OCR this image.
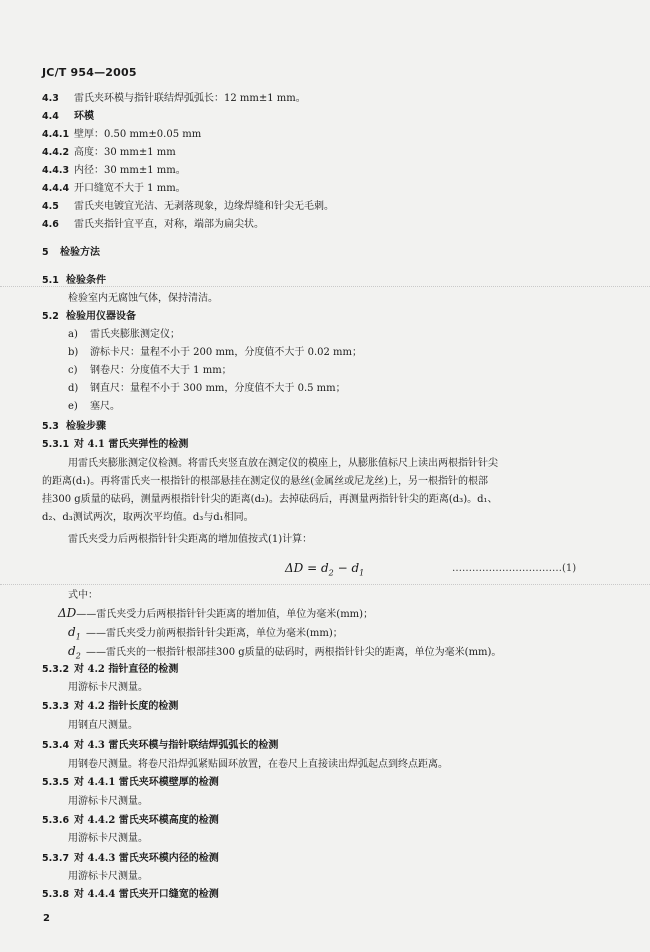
JC/T 954—2005
4.3 雷氏夹环模与指针联结焊弧弧长：12 mm±1 mm。
4.4 环模
4.4.1 壁厚：0.50 mm±0.05 mm
4.4.2 高度：30 mm±1 mm
4.4.3 内径：30 mm±1 mm。
4.4.4 开口缝宽不大于 1 mm。
4.5 雷氏夹电镀宜光洁、无剥落现象，边缘焊缝和针尖无毛刺。
4.6 雷氏夹指针宜平直，对称，端部为扁尖状。
5 检验方法
5.1 检验条件
检验室内无腐蚀气体，保持清洁。
5.2 检验用仪器设备
a) 雷氏夹膨胀测定仪；
b) 游标卡尺：量程不小于 200 mm，分度值不大于 0.02 mm；
c) 钢卷尺：分度值不大于 1 mm；
d) 钢直尺：量程不小于 300 mm，分度值不大于 0.5 mm；
e) 塞尺。
5.3 检验步骤
5.3.1 对 4.1 雷氏夹弹性的检测
用雷氏夹膨胀测定仪检测。将雷氏夹竖直放在测定仪的模座上，从膨胀值标尺上读出两根指针针尖
的距离(d₁)。再将雷氏夹一根指针的根部悬挂在测定仪的悬丝(金属丝或尼龙丝)上，另一根指针的根部
挂300 g质量的砝码，测量两根指针针尖的距离(d₂)。去掉砝码后，再测量两指针针尖的距离(d₃)。d₁、
d₂、d₃测试两次，取两次平均值。d₃与d₁相同。
雷氏夹受力后两根指针针尖距离的增加值按式(1)计算：
$\Delta D = d_2 - d_1$	……………………………(1)
式中：
ΔD——雷氏夹受力后两根指针针尖距离的增加值，单位为毫米(mm)；
$d_1$ ——雷氏夹受力前两根指针针尖距离，单位为毫米(mm)；
$d_2$ ——雷氏夹的一根指针根部挂300 g质量的砝码时，两根指针针尖的距离，单位为毫米(mm)。
5.3.2 对 4.2 指针直径的检测
用游标卡尺测量。
5.3.3 对 4.2 指针长度的检测
用钢直尺测量。
5.3.4 对 4.3 雷氏夹环模与指针联结焊弧弧长的检测
用钢卷尺测量。将卷尺沿焊弧紧贴圆环放置，在卷尺上直接读出焊弧起点到终点距离。
5.3.5 对 4.4.1 雷氏夹环模壁厚的检测
用游标卡尺测量。
5.3.6 对 4.4.2 雷氏夹环模高度的检测
用游标卡尺测量。
5.3.7 对 4.4.3 雷氏夹环模内径的检测
用游标卡尺测量。
5.3.8 对 4.4.4 雷氏夹开口缝宽的检测
2
